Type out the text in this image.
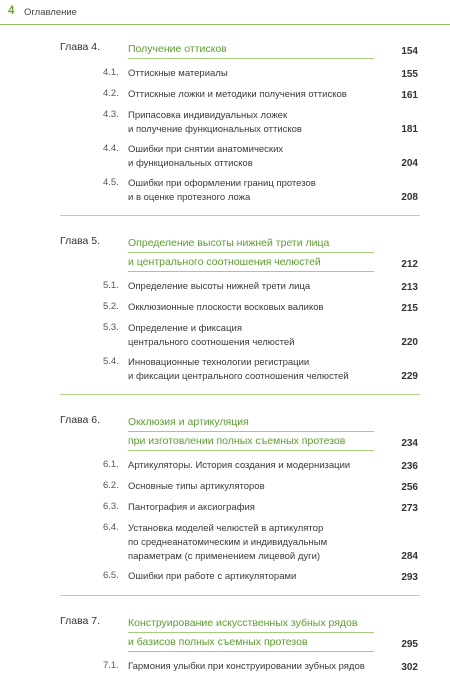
4 Оглавление
Глава 4.	Получение оттисков	154
4.1. Оттискные материалы	155
4.2. Оттискные ложки и методики получения оттисков	161
4.3. Припасовка индивидуальных ложек
и получение функциональных оттисков	181
4.4. Ошибки при снятии анатомических
и функциональных оттисков	204
4.5. Ошибки при оформлении границ протезов
и в оценке протезного ложа	208
Глава 5.	Определение высоты нижней трети лица
и центрального соотношения челюстей	212
5.1. Определение высоты нижней трети лица	213
5.2. Окклюзионные плоскости восковых валиков	215
5.3. Определение и фиксация
центрального соотношения челюстей	220
5.4. Инновационные технологии регистрации
и фиксации центрального соотношения челюстей	229
Глава 6.	Окклюзия и артикуляция
при изготовлении полных съемных протезов	234
6.1. Артикуляторы. История создания и модернизации	236
6.2. Основные типы артикуляторов	256
6.3. Пантография и аксиография	273
6.4. Установка моделей челюстей в артикулятор
по среднеанатомическим и индивидуальным
параметрам (с применением лицевой дуги)	284
6.5. Ошибки при работе с артикуляторами	293
Глава 7.	Конструирование искусственных зубных рядов
и базисов полных съемных протезов	295
7.1. Гармония улыбки при конструировании зубных рядов	302
